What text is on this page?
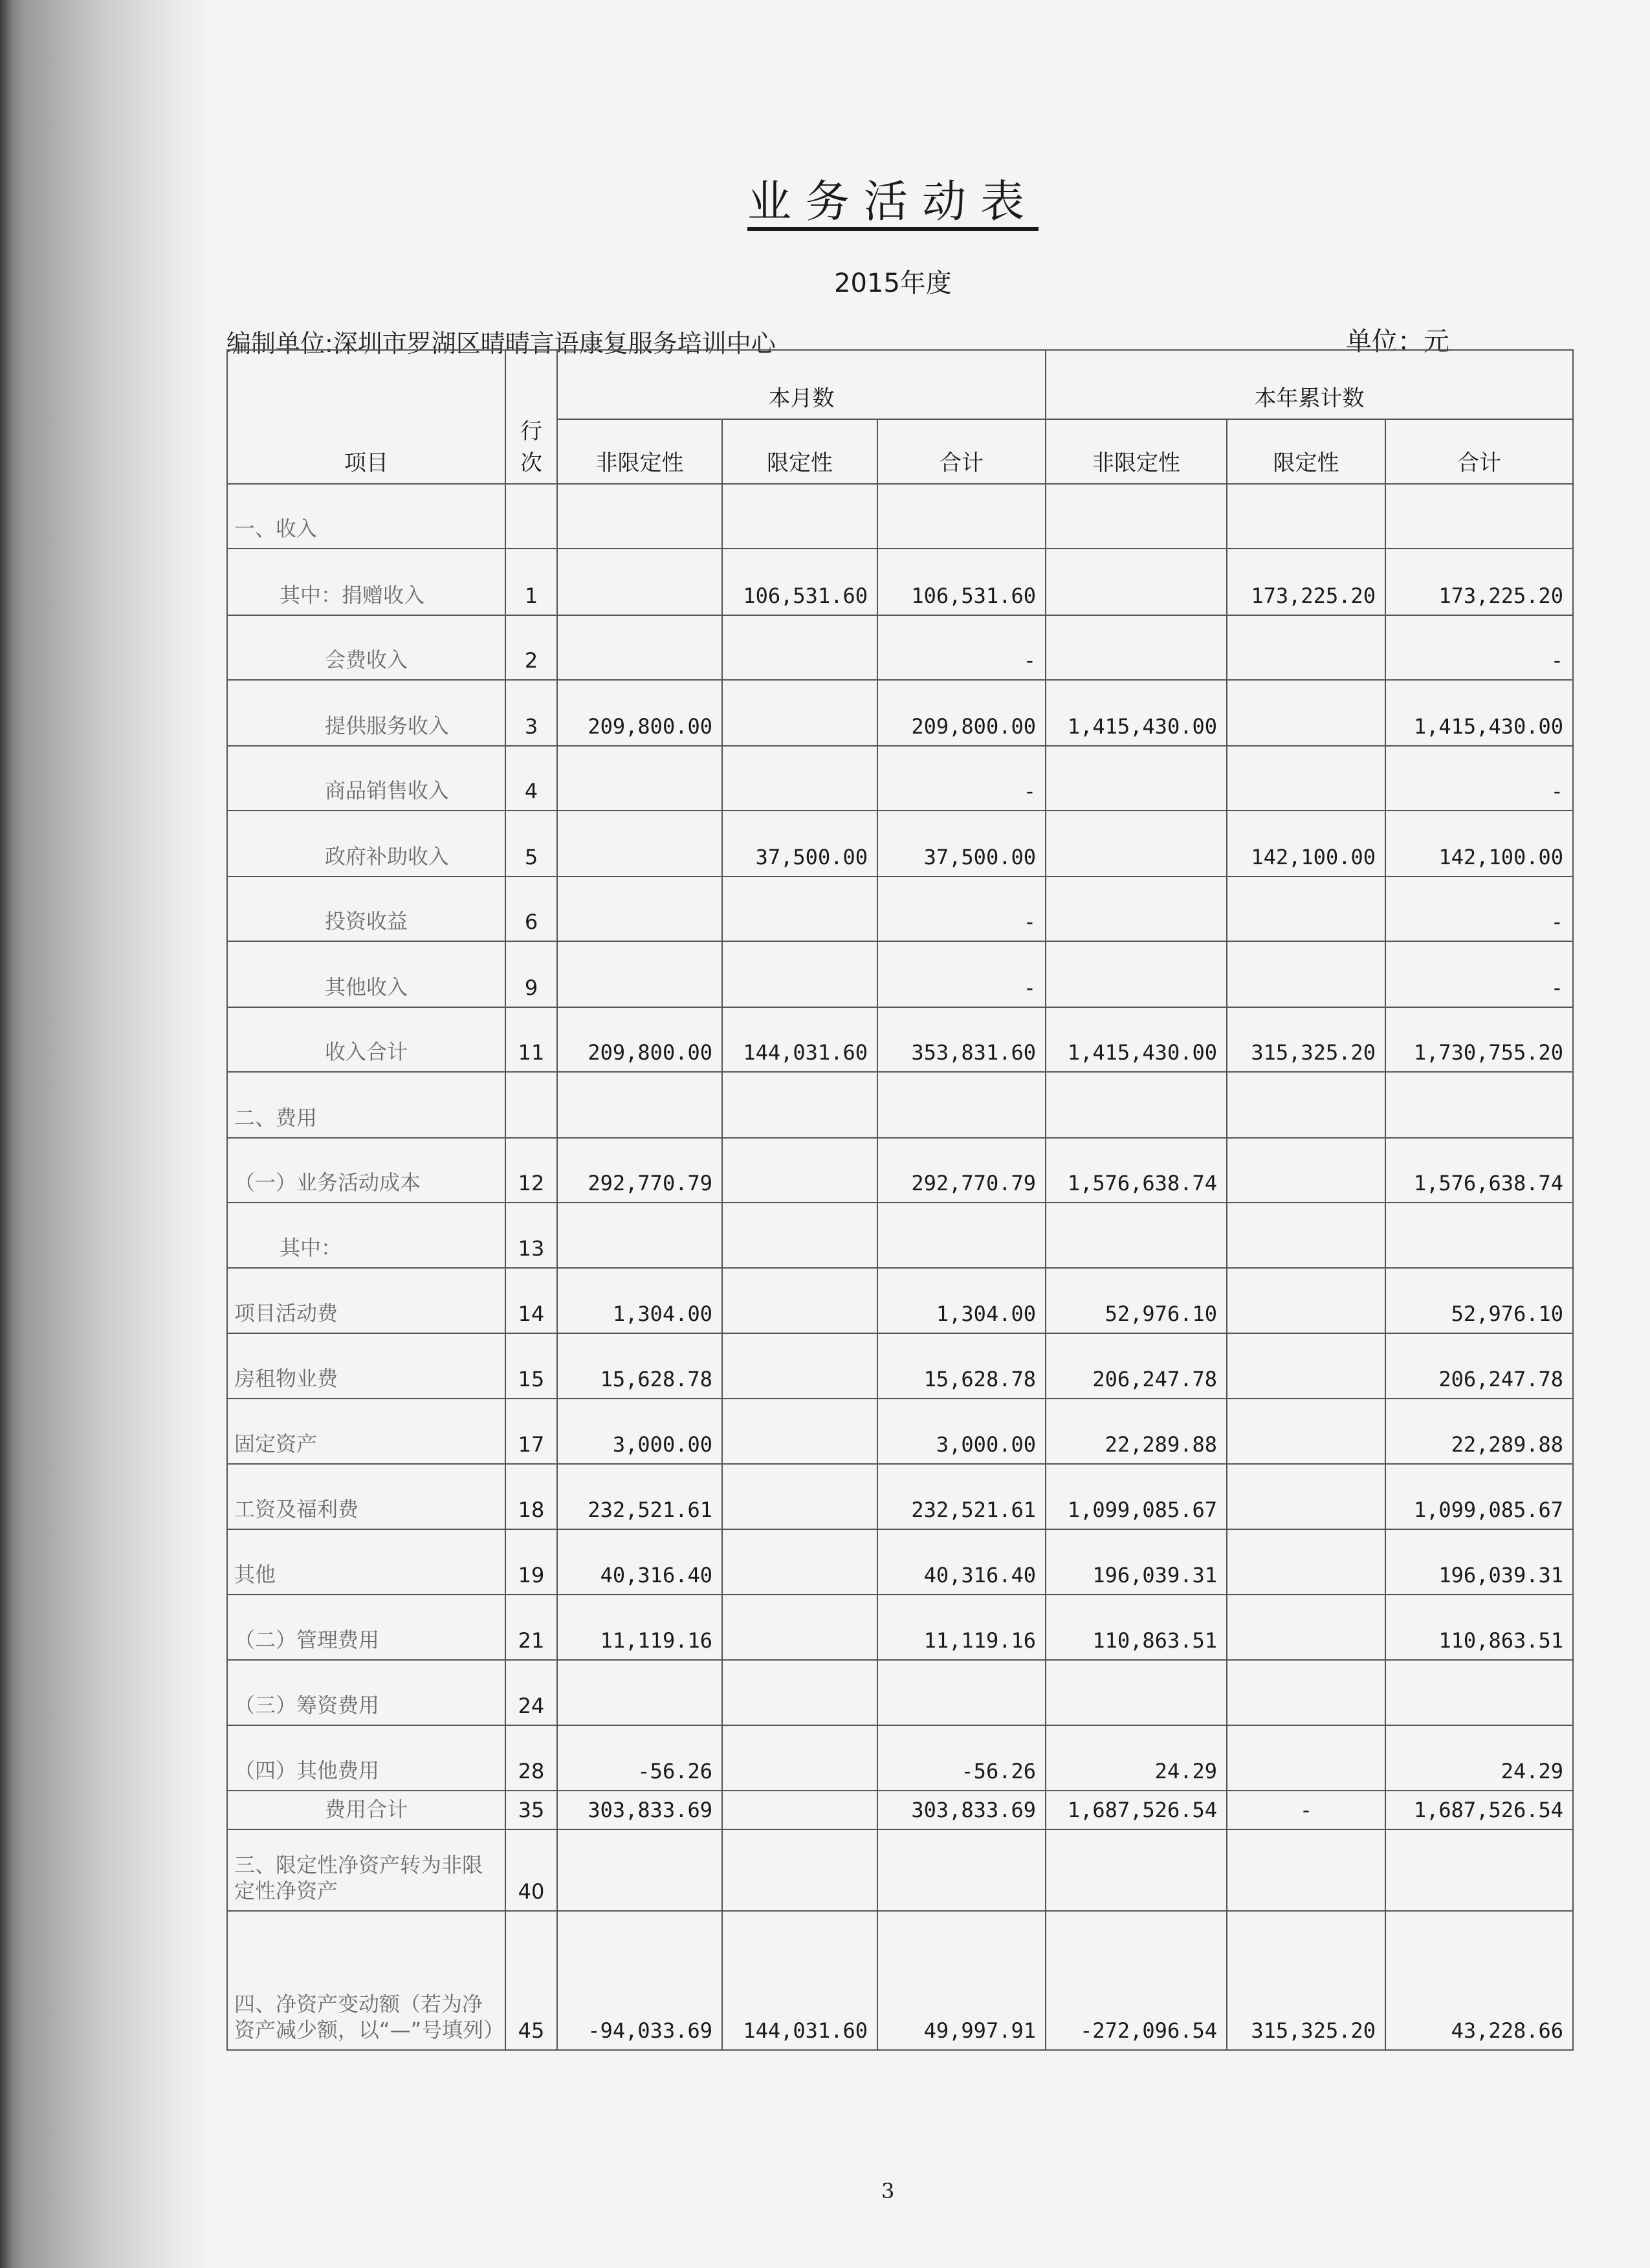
业务活动表
2015年度
编制单位:深圳市罗湖区晴晴言语康复服务培训中心	单位：元
项目	行次	本月数			本年累计数		
		非限定性	限定性	合计	非限定性	限定性	合计
一、收入							
其中：捐赠收入	1		106,531.60	106,531.60		173,225.20	173,225.20
会费收入	2			-			-
提供服务收入	3	209,800.00		209,800.00	1,415,430.00		1,415,430.00
商品销售收入	4			-			-
政府补助收入	5		37,500.00	37,500.00		142,100.00	142,100.00
投资收益	6			-			-
其他收入	9			-			-
收入合计	11	209,800.00	144,031.60	353,831.60	1,415,430.00	315,325.20	1,730,755.20
二、费用							
（一）业务活动成本	12	292,770.79		292,770.79	1,576,638.74		1,576,638.74
其中：	13						
项目活动费	14	1,304.00		1,304.00	52,976.10		52,976.10
房租物业费	15	15,628.78		15,628.78	206,247.78		206,247.78
固定资产	17	3,000.00		3,000.00	22,289.88		22,289.88
工资及福利费	18	232,521.61		232,521.61	1,099,085.67		1,099,085.67
其他	19	40,316.40		40,316.40	196,039.31		196,039.31
（二）管理费用	21	11,119.16		11,119.16	110,863.51		110,863.51
（三）筹资费用	24						
（四）其他费用	28	-56.26		-56.26	24.29		24.29
费用合计	35	303,833.69		303,833.69	1,687,526.54	-	1,687,526.54
三、限定性净资产转为非限定性净资产	40						
四、净资产变动额（若为净资产减少额，以“—”号填列）	45	-94,033.69	144,031.60	49,997.91	-272,096.54	315,325.20	43,228.66
3
